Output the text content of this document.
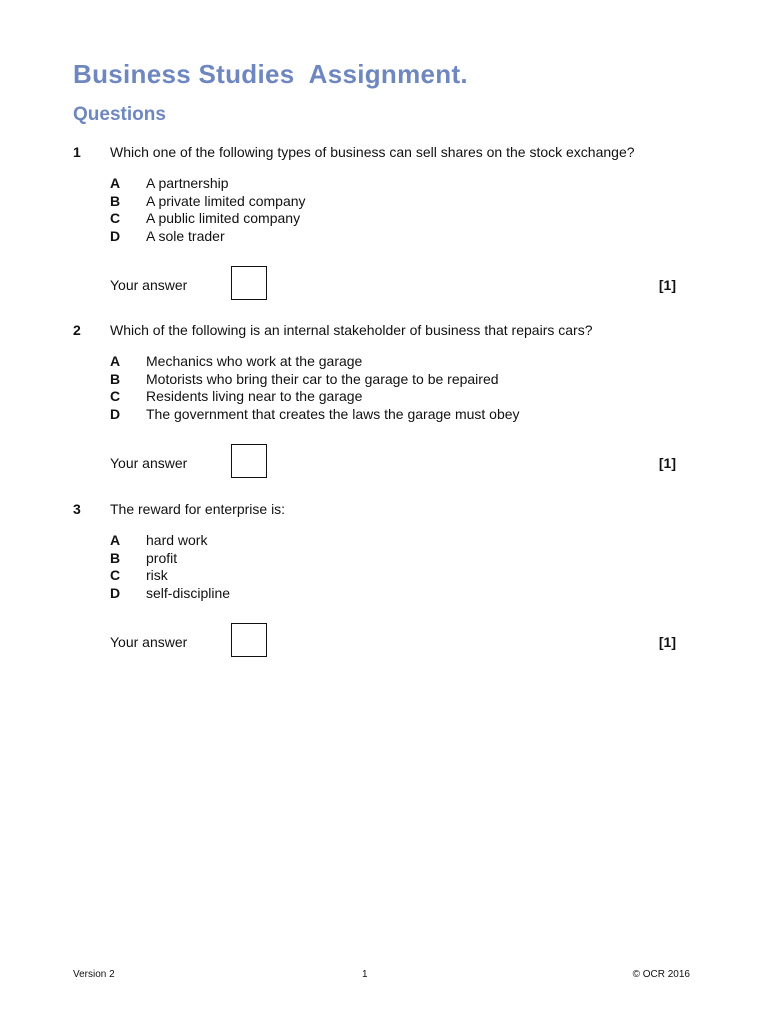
Business Studies  Assignment.
Questions
1 Which one of the following types of business can sell shares on the stock exchange?
A A partnership
B A private limited company
C A public limited company
D A sole trader
Your answer	[1]
2 Which of the following is an internal stakeholder of business that repairs cars?
A Mechanics who work at the garage
B Motorists who bring their car to the garage to be repaired
C Residents living near to the garage
D The government that creates the laws the garage must obey
Your answer	[1]
3 The reward for enterprise is:
A hard work
B profit
C risk
D self-discipline
Your answer	[1]
Version 2	1	© OCR 2016
